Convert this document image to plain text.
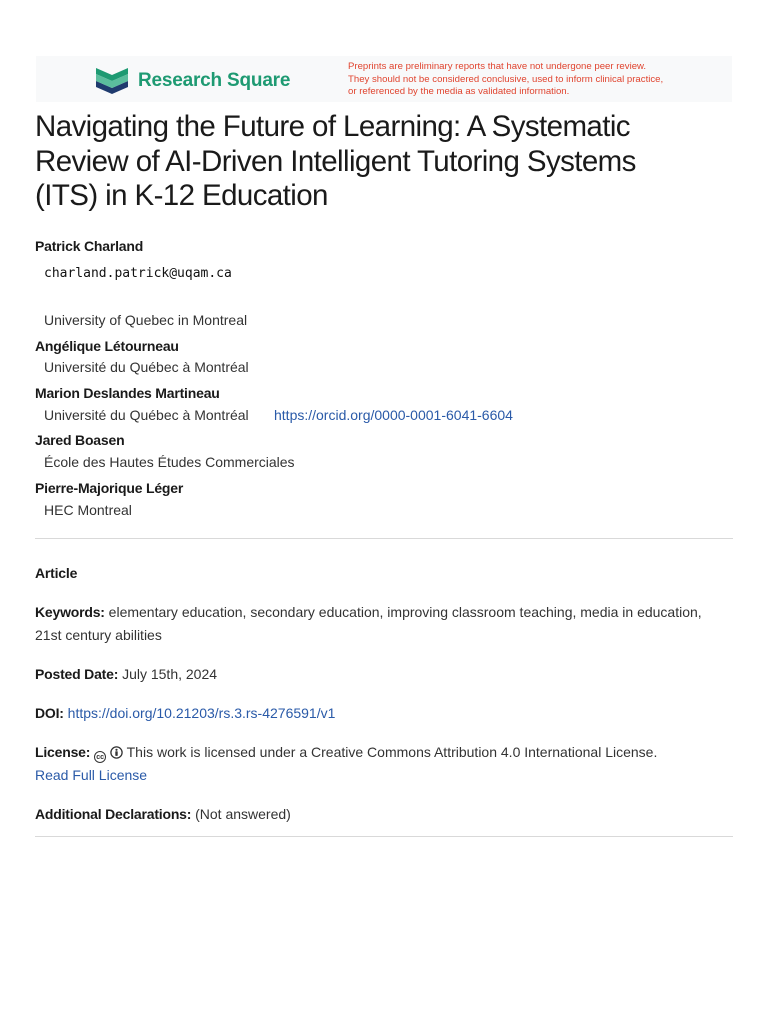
Research Square
Preprints are preliminary reports that have not undergone peer review.
They should not be considered conclusive, used to inform clinical practice,
or referenced by the media as validated information.
Navigating the Future of Learning: A Systematic
Review of AI-Driven Intelligent Tutoring Systems
(ITS) in K-12 Education
Patrick Charland
charland.patrick@uqam.ca
University of Quebec in Montreal
Angélique Létourneau
Université du Québec à Montréal
Marion Deslandes Martineau
Université du Québec à Montréal https://orcid.org/0000-0001-6041-6604
Jared Boasen
École des Hautes Études Commerciales
Pierre-Majorique Léger
HEC Montreal
Article
Keywords: elementary education, secondary education, improving classroom teaching, media in education, 21st century abilities
Posted Date: July 15th, 2024
DOI: https://doi.org/10.21203/rs.3.rs-4276591/v1
License: cc This work is licensed under a Creative Commons Attribution 4.0 International License.
Read Full License
Additional Declarations: (Not answered)
